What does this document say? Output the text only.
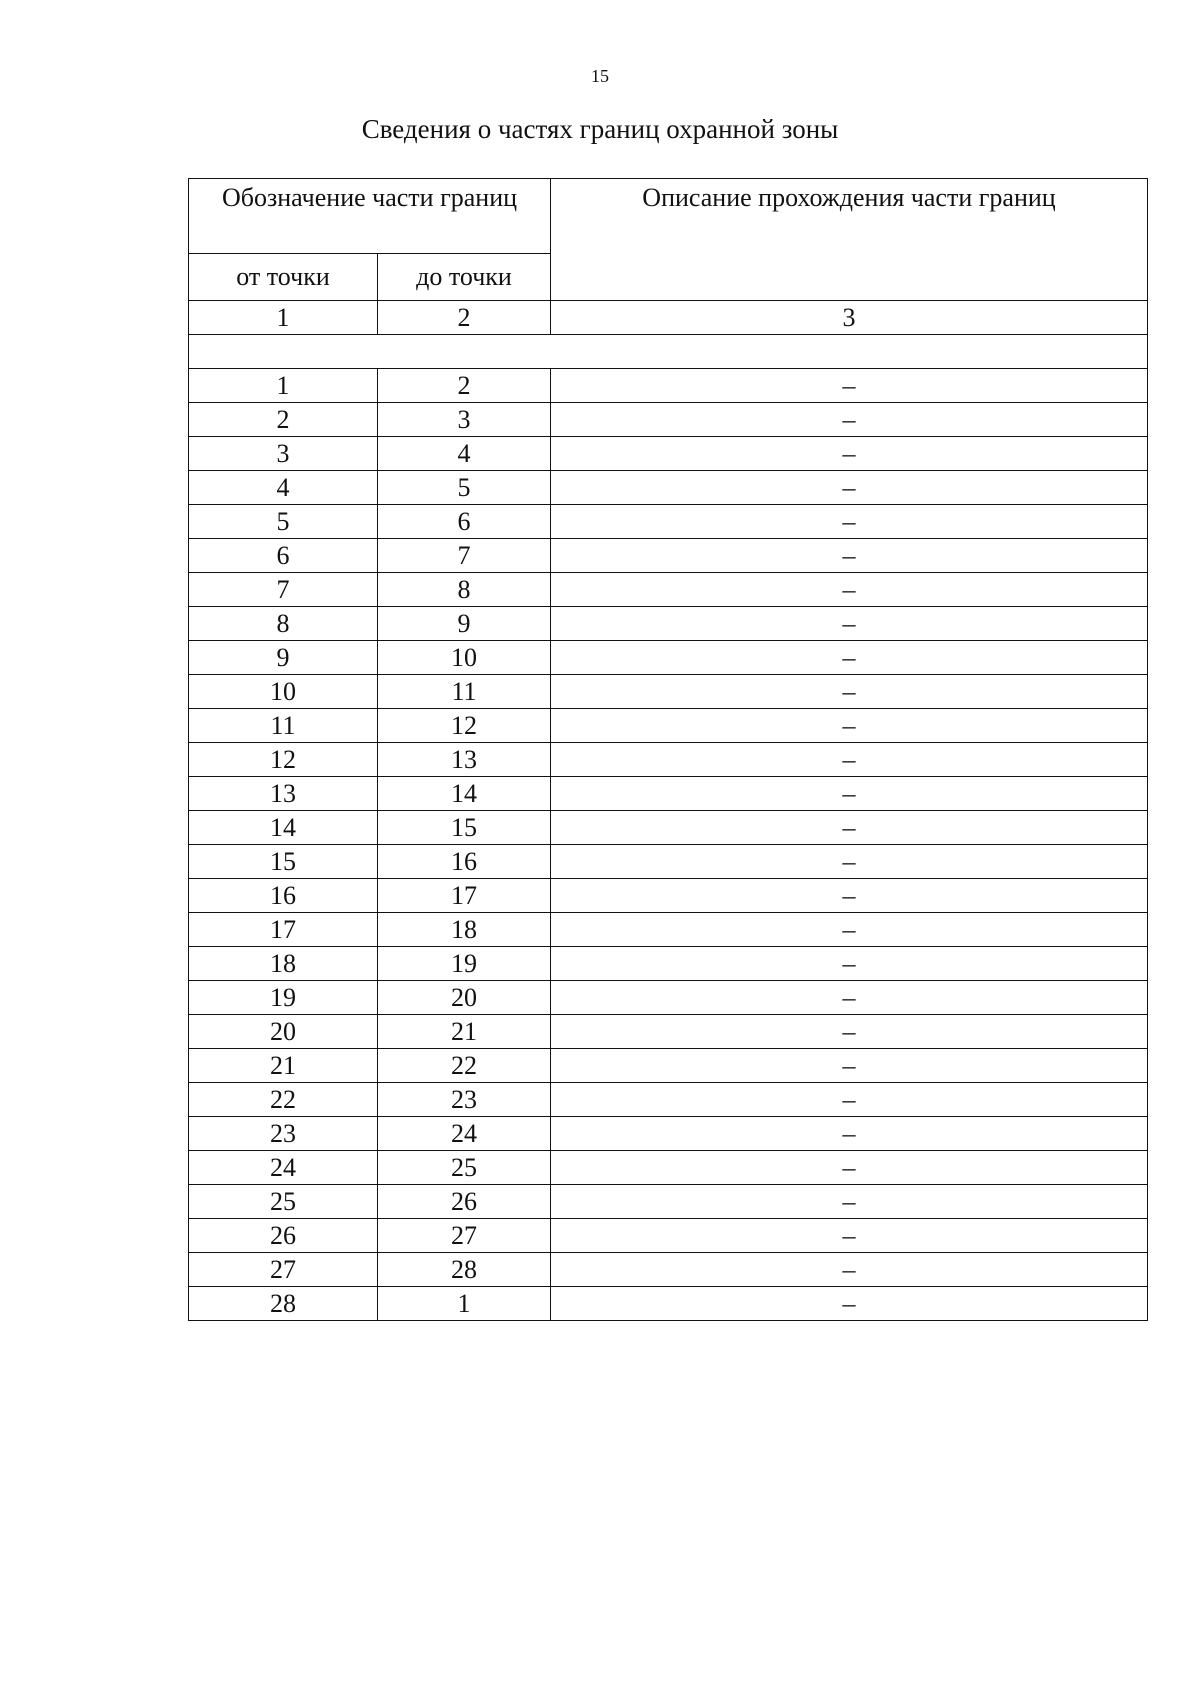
15
Сведения о частях границ охранной зоны
Обозначение части границ		Описание прохождения части границ
от точки	до точки	
1	2	3

1	2	–
2	3	–
3	4	–
4	5	–
5	6	–
6	7	–
7	8	–
8	9	–
9	10	–
10	11	–
11	12	–
12	13	–
13	14	–
14	15	–
15	16	–
16	17	–
17	18	–
18	19	–
19	20	–
20	21	–
21	22	–
22	23	–
23	24	–
24	25	–
25	26	–
26	27	–
27	28	–
28	1	–
